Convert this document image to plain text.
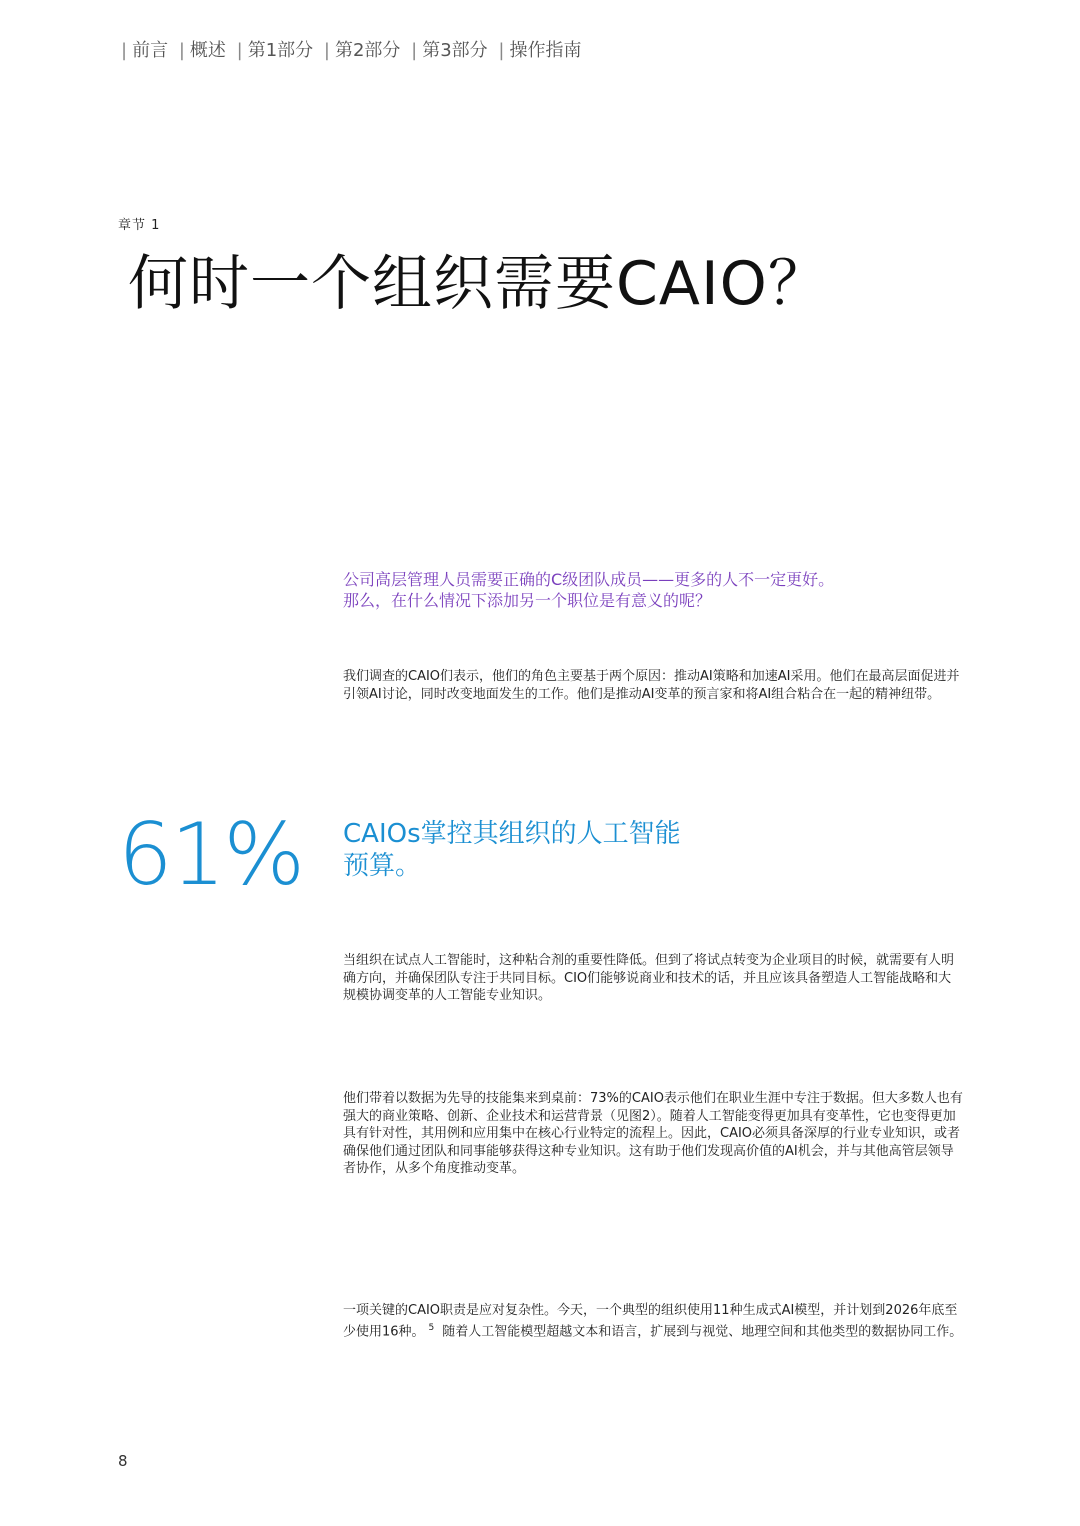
| 前言 | 概述 | 第1部分 | 第2部分 | 第3部分 | 操作指南
章节 1
何时一个组织需要CAIO？
公司高层管理人员需要正确的C级团队成员——更多的人不一定更好。
那么，在什么情况下添加另一个职位是有意义的呢？

我们调查的CAIO们表示，他们的角色主要基于两个原因：推动AI策略和加速AI采用。他们在最高层面促进并引领AI讨论，同时改变地面发生的工作。他们是推动AI变革的预言家和将AI组合粘合在一起的精神纽带。

61% CAIOs掌控其组织的人工智能预算。

当组织在试点人工智能时，这种粘合剂的重要性降低。但到了将试点转变为企业项目的时候，就需要有人明确方向，并确保团队专注于共同目标。CIO们能够说商业和技术的话，并且应该具备塑造人工智能战略和大规模协调变革的人工智能专业知识。

他们带着以数据为先导的技能集来到桌前：73%的CAIO表示他们在职业生涯中专注于数据。但大多数人也有强大的商业策略、创新、企业技术和运营背景（见图2）。随着人工智能变得更加具有变革性，它也变得更加具有针对性，其用例和应用集中在核心行业特定的流程上。因此，CAIO必须具备深厚的行业专业知识，或者确保他们通过团队和同事能够获得这种专业知识。这有助于他们发现高价值的AI机会，并与其他高管层领导者协作，从多个角度推动变革。

一项关键的CAIO职责是应对复杂性。今天，一个典型的组织使用11种生成式AI模型，并计划到2026年底至少使用16种。 $^5$ 随着人工智能模型超越文本和语言，扩展到与视觉、地理空间和其他类型的数据协同工作。

8
